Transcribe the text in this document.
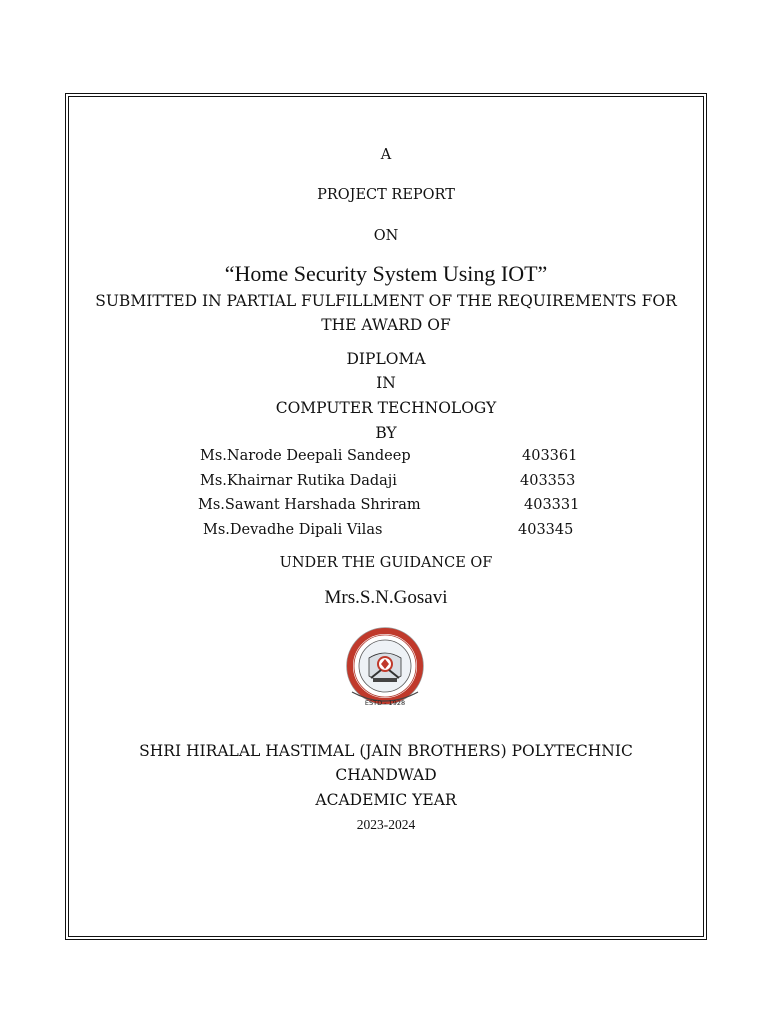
A
PROJECT REPORT
ON
“Home Security System Using IOT”
SUBMITTED IN PARTIAL FULFILLMENT OF THE REQUIREMENTS FOR
THE AWARD OF
DIPLOMA
IN
COMPUTER TECHNOLOGY
BY
Ms.Narode Deepali Sandeep	403361
Ms.Khairnar Rutika Dadaji	403353
Ms.Sawant Harshada Shriram	403331
Ms.Devadhe Dipali Vilas	403345
UNDER THE GUIDANCE OF
Mrs.S.N.Gosavi
ESTD - 1928
SHRI HIRALAL HASTIMAL (JAIN BROTHERS) POLYTECHNIC
CHANDWAD
ACADEMIC YEAR
2023-2024
